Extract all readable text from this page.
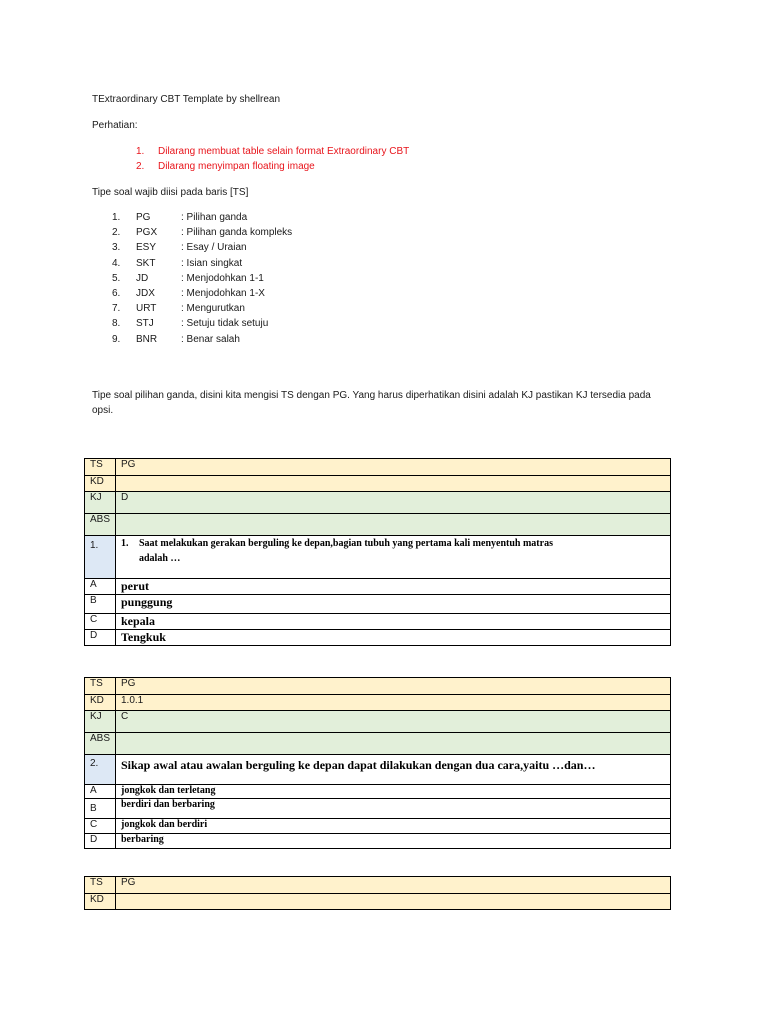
TExtraordinary CBT Template by shellrean
Perhatian:
1.	Dilarang membuat table selain format Extraordinary CBT
2.	Dilarang menyimpan floating image
Tipe soal wajib diisi pada baris [TS]
1.	PG	: Pilihan ganda
2.	PGX : Pilihan ganda kompleks
3.	ESY : Esay / Uraian
4.	SKT	: Isian singkat
5.	JD	: Menjodohkan 1-1
6.	JDX	: Menjodohkan 1-X
7.	URT : Mengurutkan
8.	STJ	: Setuju tidak setuju
9.	BNR : Benar salah
Tipe soal pilihan ganda, disini kita mengisi TS dengan PG. Yang harus diperhatikan disini adalah KJ pastikan KJ tersedia pada
opsi.
TS	PG
KD	
KJ	D
ABS	
1.	1. Saat melakukan gerakan berguling ke depan,bagian tubuh yang pertama kali menyentuh matras
adalah …

A	perut
B	punggung
C	kepala
D	Tengkuk
TS	PG
KD	1.0.1
KJ	C
ABS	
2.	Sikap awal atau awalan berguling ke depan dapat dilakukan dengan dua cara,yaitu …dan…
A	jongkok dan terletang
B	berdiri dan berbaring
C	jongkok dan berdiri
D	berbaring
TS	PG
KD	
